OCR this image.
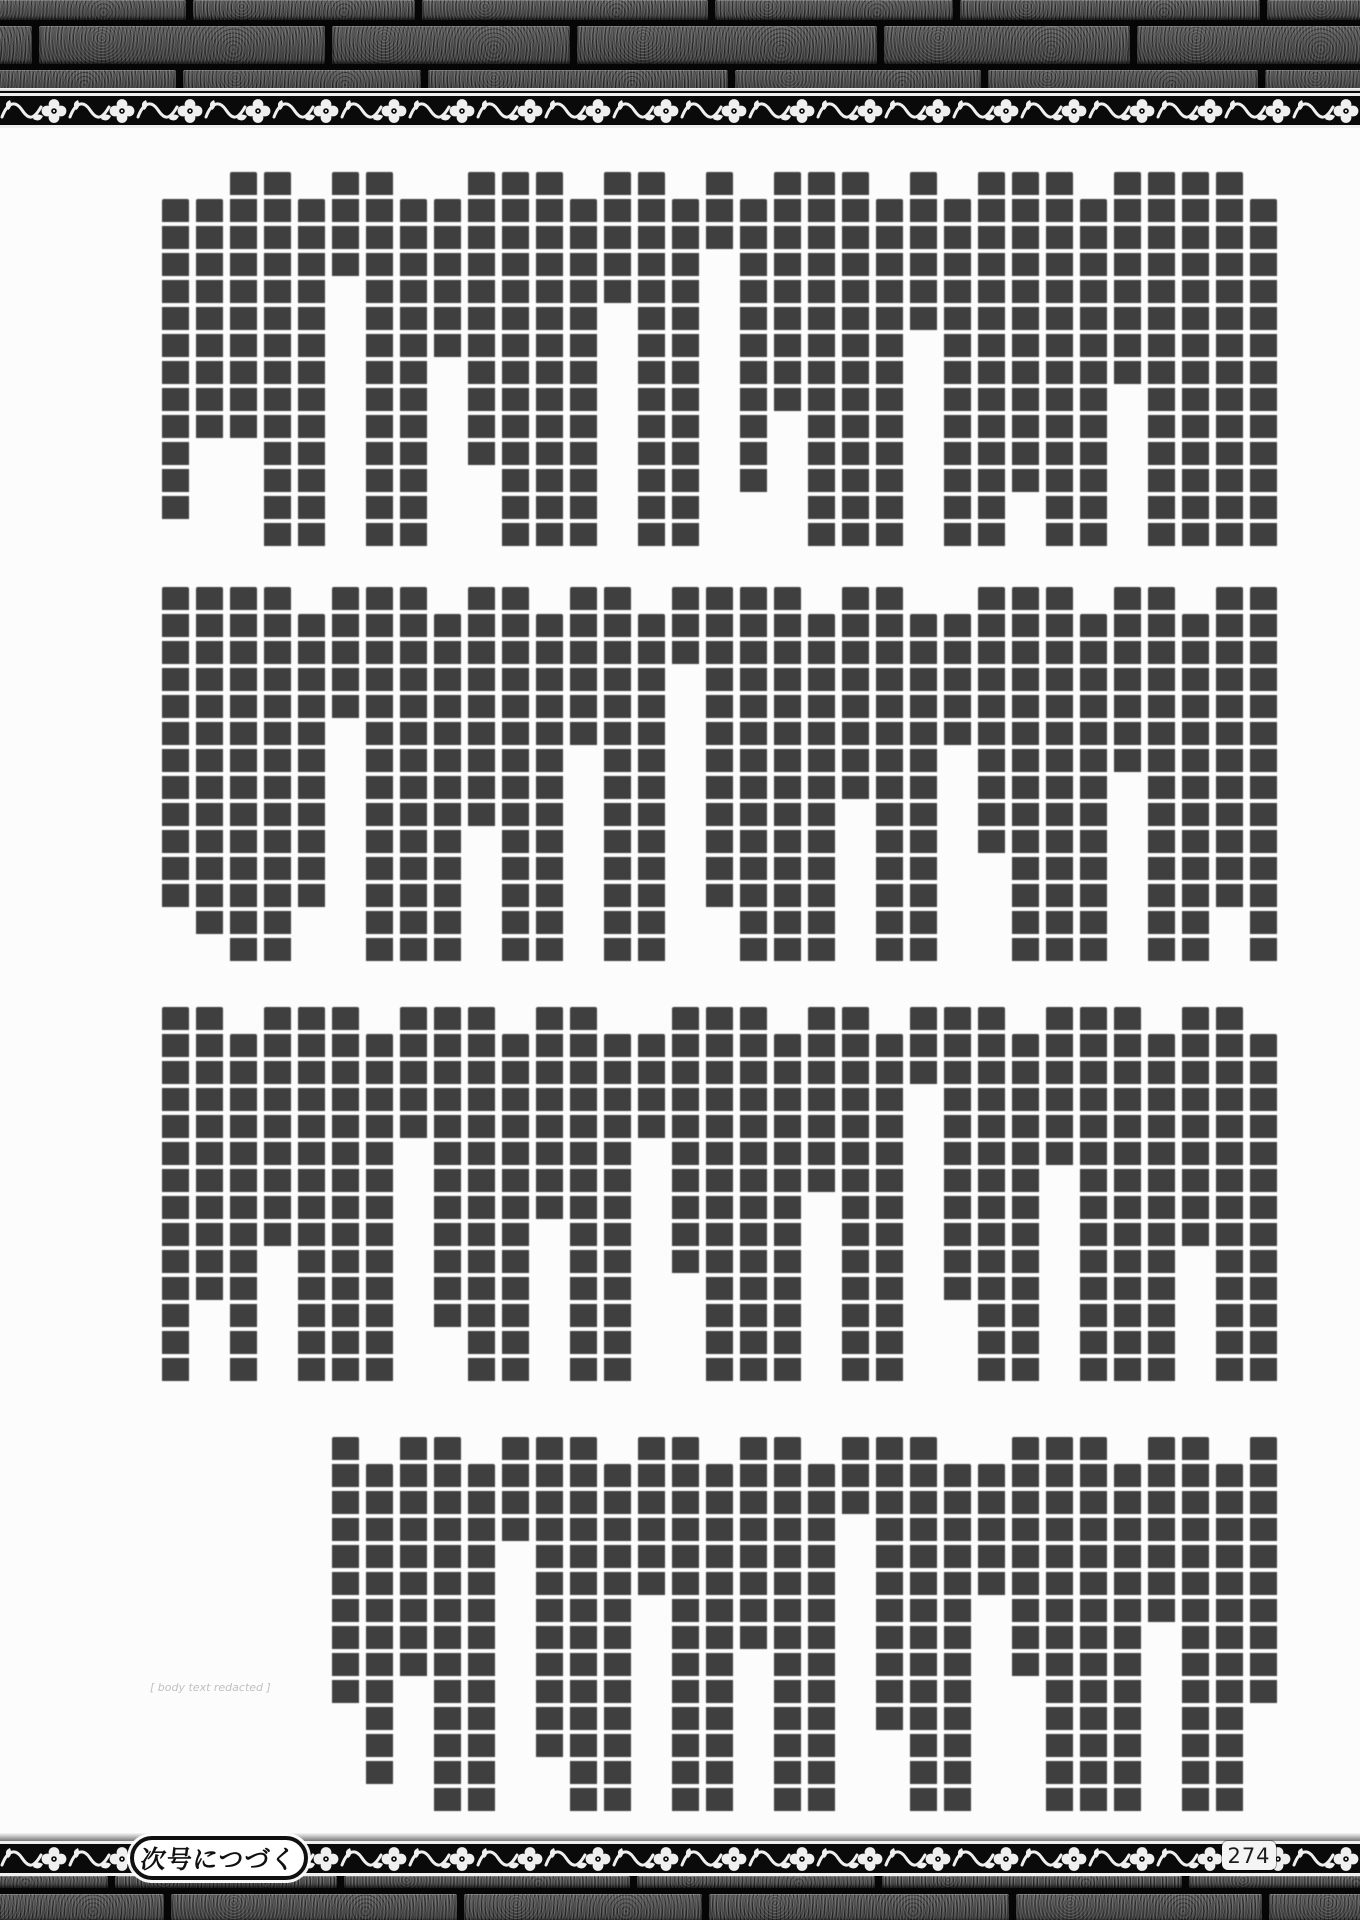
[ body text redacted ]
次号につづく	274
